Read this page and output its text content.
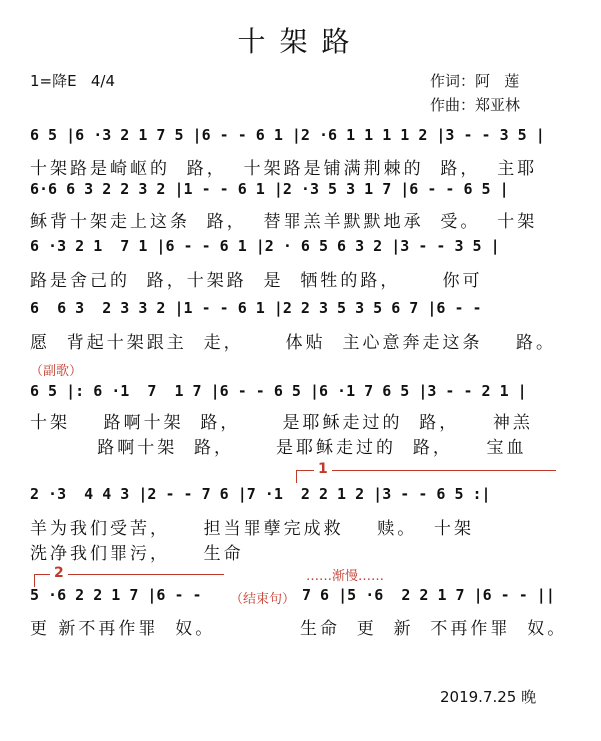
十架路
1=降E   4/4	作词：阿   莲
作曲：郑亚林
6 5 |6 ·3 2 1 7 5 |6 - - 6 1 |2 ·6 1 1 1 1 2 |3 - - 3 5 |
十架路是崎岖的  路，  十架路是铺满荆棘的  路，  主耶
6·6 6 3 2 2 3 2 |1 - - 6 1 |2 ·3 5 3 1 7 |6 - - 6 5 |
稣背十架走上这条  路，  替罪羔羊默默地承  受。  十架
6 ·3 2 1  7 1 |6 - - 6 1 |2 · 6 5 6 3 2 |3 - - 3 5 |
路是舍己的  路，十架路  是  牺牲的路，     你可
6  6 3  2 3 3 2 |1 - - 6 1 |2 2 3 5 3 5 6 7 |6 - -
愿  背起十架跟主  走，     体贴  主心意奔走这条    路。
（副歌）
6 5 |: 6 ·1  7  1 7 |6 - - 6 5 |6 ·1 7 6 5 |3 - - 2 1 |
十架    路啊十架  路，     是耶稣走过的  路，    神羔
路啊十架  路，     是耶稣走过的  路，    宝血
1
2 ·3  4 4 3 |2 - - 7 6 |7 ·1  2 2 1 2 |3 - - 6 5 :|
羊为我们受苦，    担当罪孽完成救    赎。  十架
洗净我们罪污，    生命
2	……渐慢……
5 ·6 2 2 1 7 |6 - - （结束句） 7 6 |5 ·6  2 2 1 7 |6 - - ||
更 新不再作罪  奴。	生命  更  新  不再作罪  奴。
2019.7.25 晚
